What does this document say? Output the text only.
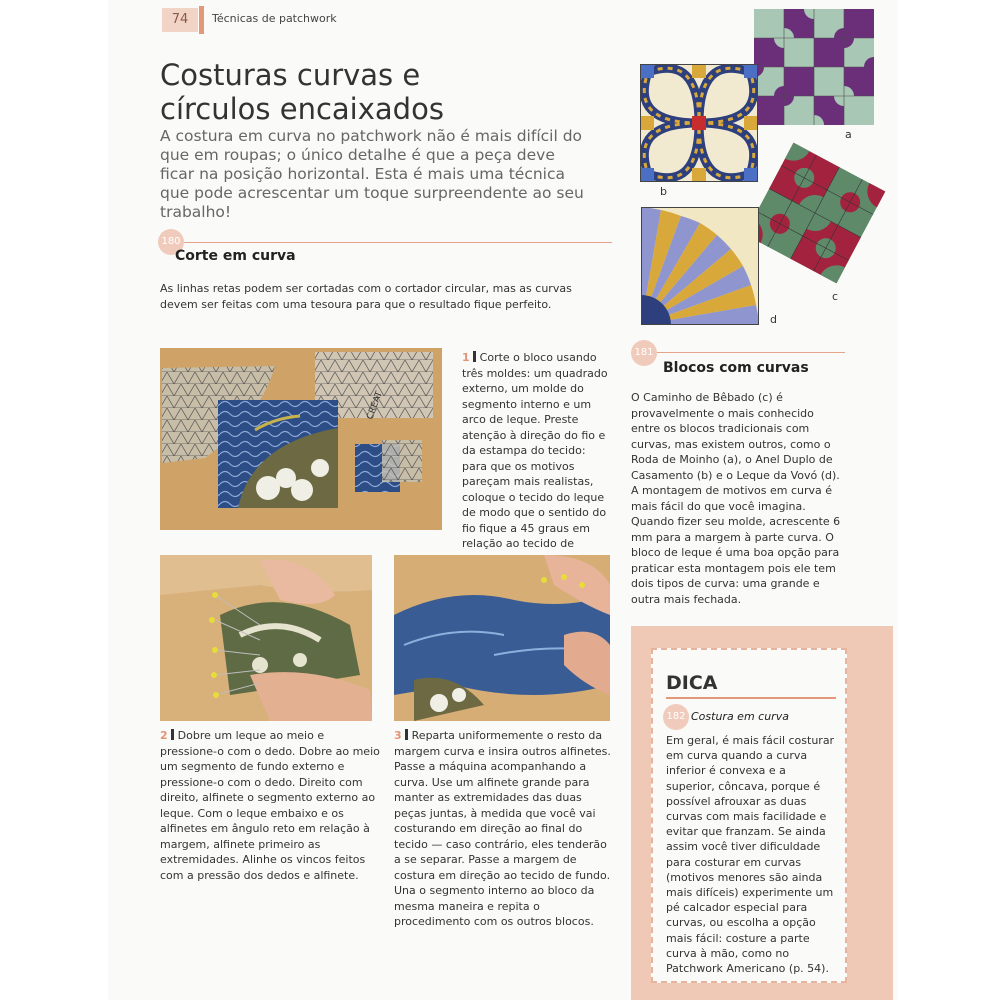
74	Técnicas de patchwork
Costuras curvas e
círculos encaixados

A costura em curva no patchwork não é mais difícil do que em roupas; o único detalhe é que a peça deve ficar na posição horizontal. Esta é mais uma técnica que pode acrescentar um toque surpreendente ao seu trabalho!

180
Corte em curva

As linhas retas podem ser cortadas com o cortador circular, mas as curvas devem ser feitas com uma tesoura para que o resultado fique perfeito.

CREAT

1 Corte o bloco usando três moldes: um quadrado externo, um molde do segmento interno e um arco de leque. Preste atenção à direção do fio e da estampa do tecido: para que os motivos pareçam mais realistas, coloque o tecido do leque de modo que o sentido do fio fique a 45 graus em relação ao tecido de

2 Dobre um leque ao meio e pressione-o com o dedo. Dobre ao meio um segmento de fundo externo e pressione-o com o dedo. Direito com direito, alfinete o segmento externo ao leque. Com o leque embaixo e os alfinetes em ângulo reto em relação à margem, alfinete primeiro as extremidades. Alinhe os vincos feitos com a pressão dos dedos e alfinete.

3 Reparta uniformemente o resto da margem curva e insira outros alfinetes. Passe a máquina acompanhando a curva. Use um alfinete grande para manter as extremidades das duas peças juntas, à medida que você vai costurando em direção ao final do tecido — caso contrário, eles tenderão a se separar. Passe a margem de costura em direção ao tecido de fundo. Una o segmento interno ao bloco da mesma maneira e repita o procedimento com os outros blocos.

a
b
c
d
181
Blocos com curvas

O Caminho de Bêbado (c) é provavelmente o mais conhecido entre os blocos tradicionais com curvas, mas existem outros, como o Roda de Moinho (a), o Anel Duplo de Casamento (b) e o Leque da Vovó (d). A montagem de motivos em curva é mais fácil do que você imagina. Quando fizer seu molde, acrescente 6 mm para a margem à parte curva. O bloco de leque é uma boa opção para praticar esta montagem pois ele tem dois tipos de curva: uma grande e outra mais fechada.

DICA
182 Costura em curva

Em geral, é mais fácil costurar em curva quando a curva inferior é convexa e a superior, côncava, porque é possível afrouxar as duas curvas com mais facilidade e evitar que franzam. Se ainda assim você tiver dificuldade para costurar em curvas (motivos menores são ainda mais difíceis) experimente um pé calcador especial para curvas, ou escolha a opção mais fácil: costure a parte curva à mão, como no Patchwork Americano (p. 54).
